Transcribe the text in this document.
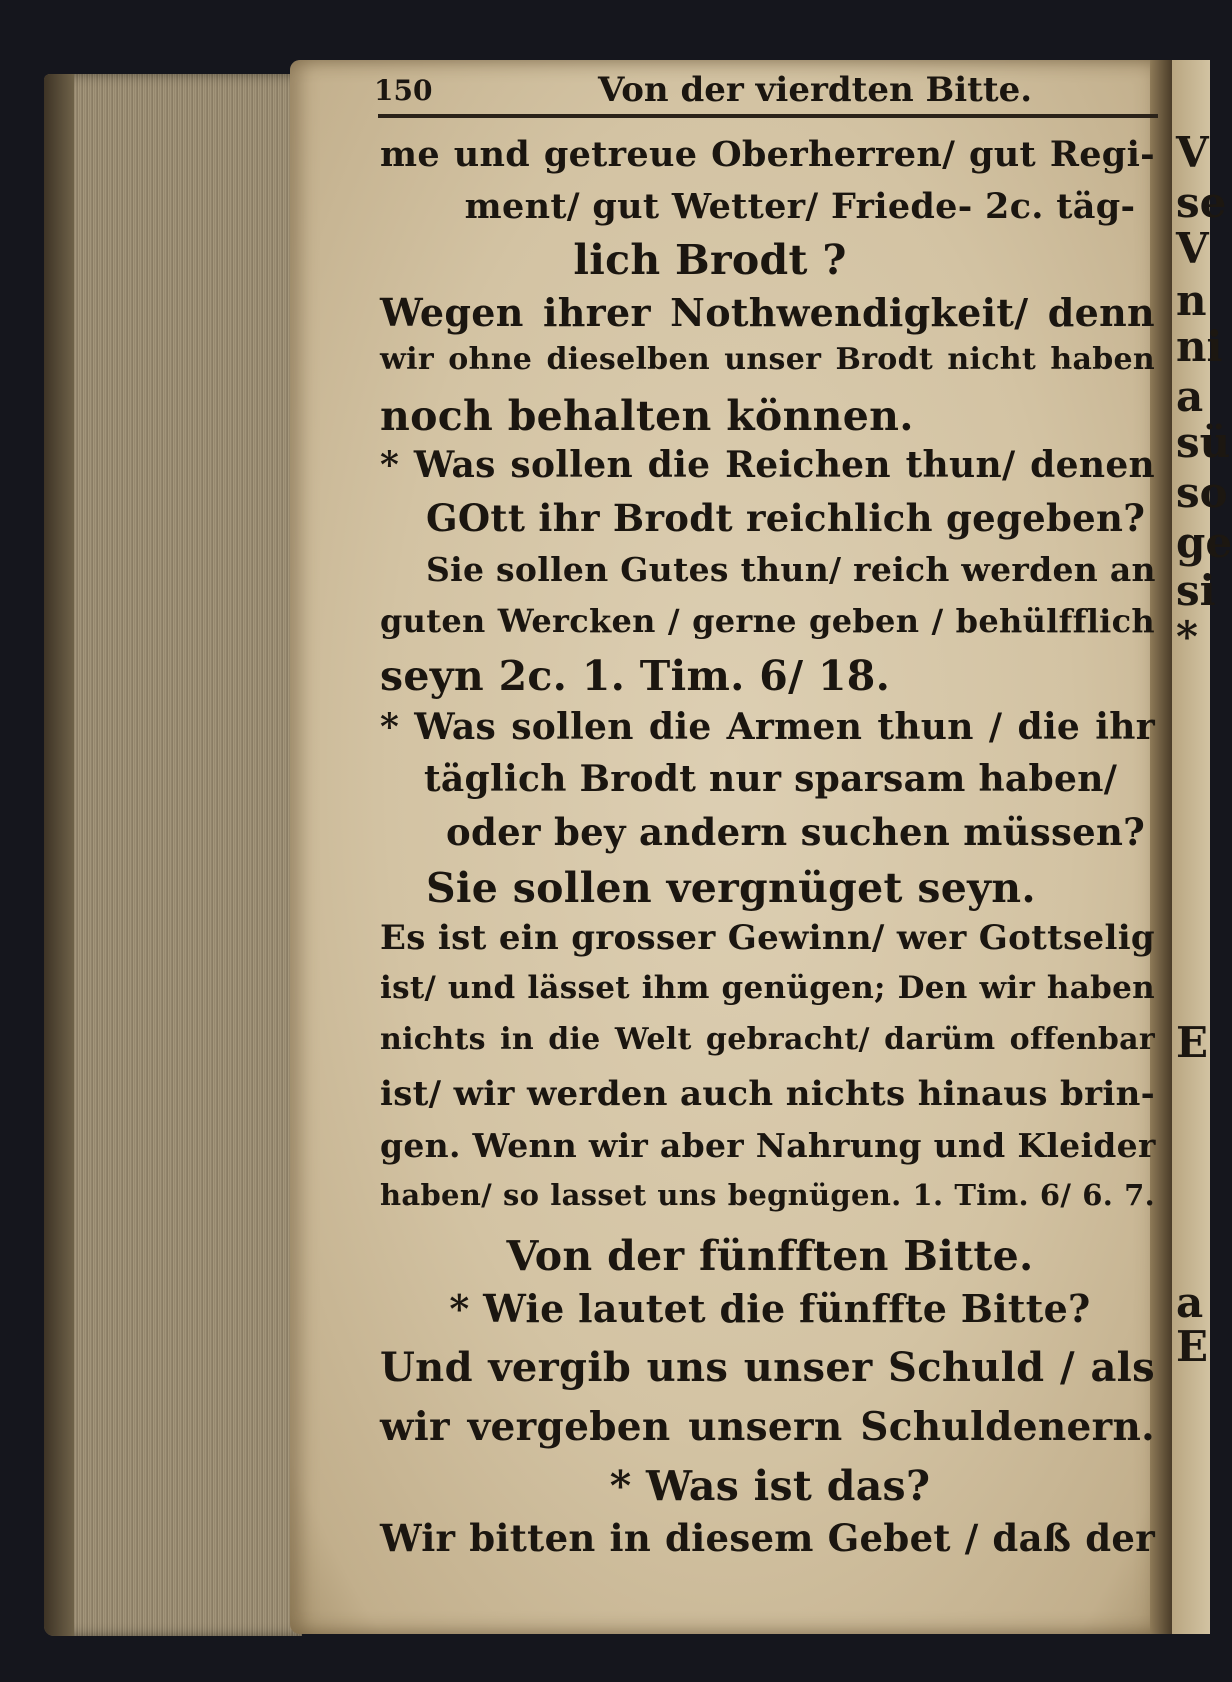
V
se
V
n
ni
a
sü
so
ge
si
*
E
a
E
150	Von der vierdten Bitte.
me und getreue Oberherren/ gut Regi-
ment/ gut Wetter/ Friede- 2c. täg-
lich Brodt ?
Wegen ihrer Nothwendigkeit/ denn
wir ohne dieselben unser Brodt nicht haben
noch behalten können.
* Was sollen die Reichen thun/ denen
GOtt ihr Brodt reichlich gegeben?
Sie sollen Gutes thun/ reich werden an
guten Wercken / gerne geben / behülfflich
seyn 2c. 1. Tim. 6/ 18.
* Was sollen die Armen thun / die ihr
täglich Brodt nur sparsam haben/
oder bey andern suchen müssen?
Sie sollen vergnüget seyn.
Es ist ein grosser Gewinn/ wer Gottselig
ist/ und lässet ihm genügen; Den wir haben
nichts in die Welt gebracht/ darüm offenbar
ist/ wir werden auch nichts hinaus brin-
gen. Wenn wir aber Nahrung und Kleider
haben/ so lasset uns begnügen. 1. Tim. 6/ 6. 7.
Von der fünfften Bitte.
* Wie lautet die fünffte Bitte?
Und vergib uns unser Schuld / als
wir vergeben unsern Schuldenern.
* Was ist das?
Wir bitten in diesem Gebet / daß der
